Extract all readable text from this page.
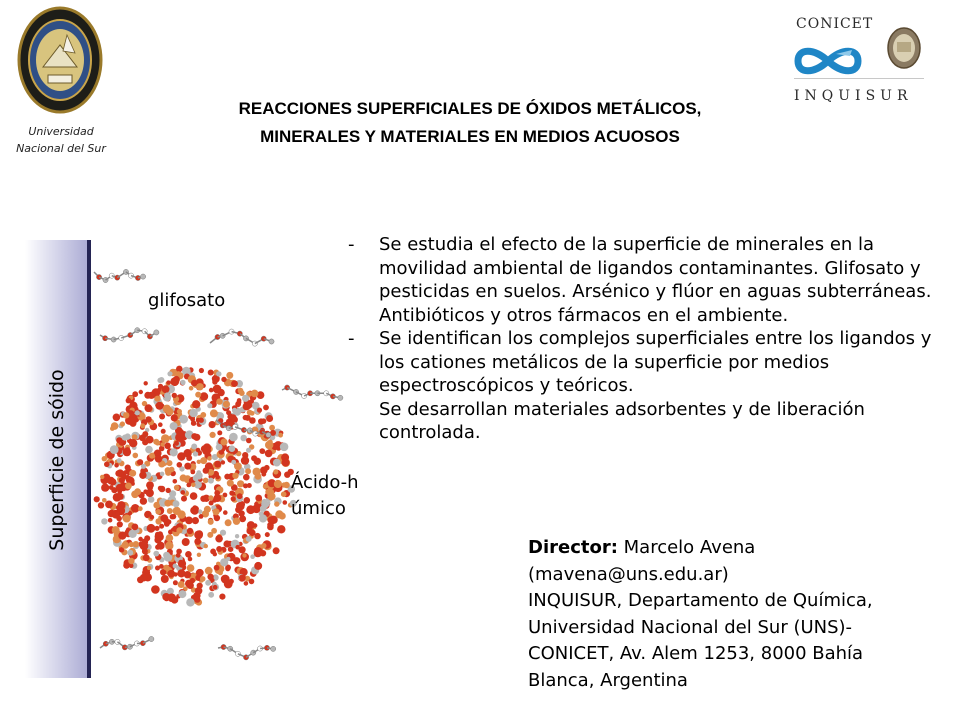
Universidad
Nacional del Sur
CONICET
INQUISUR
REACCIONES SUPERFICIALES DE ÓXIDOS METÁLICOS,
MINERALES Y MATERIALES EN MEDIOS ACUOSOS
Superficie de sóido
glifosato
Ácido-húmico
- Se estudia el efecto de la superficie de minerales en la movilidad ambiental de ligandos contaminantes. Glifosato y pesticidas en suelos. Arsénico y flúor en aguas subterráneas. Antibióticos y otros fármacos en el ambiente.
- Se identifican los complejos superficiales entre los ligandos y los cationes metálicos de la superficie por medios espectroscópicos y teóricos.
Se desarrollan materiales adsorbentes y de liberación controlada.
Director: Marcelo Avena
(mavena@uns.edu.ar)
INQUISUR, Departamento de Química,
Universidad Nacional del Sur (UNS)-
CONICET, Av. Alem 1253, 8000 Bahía
Blanca, Argentina
